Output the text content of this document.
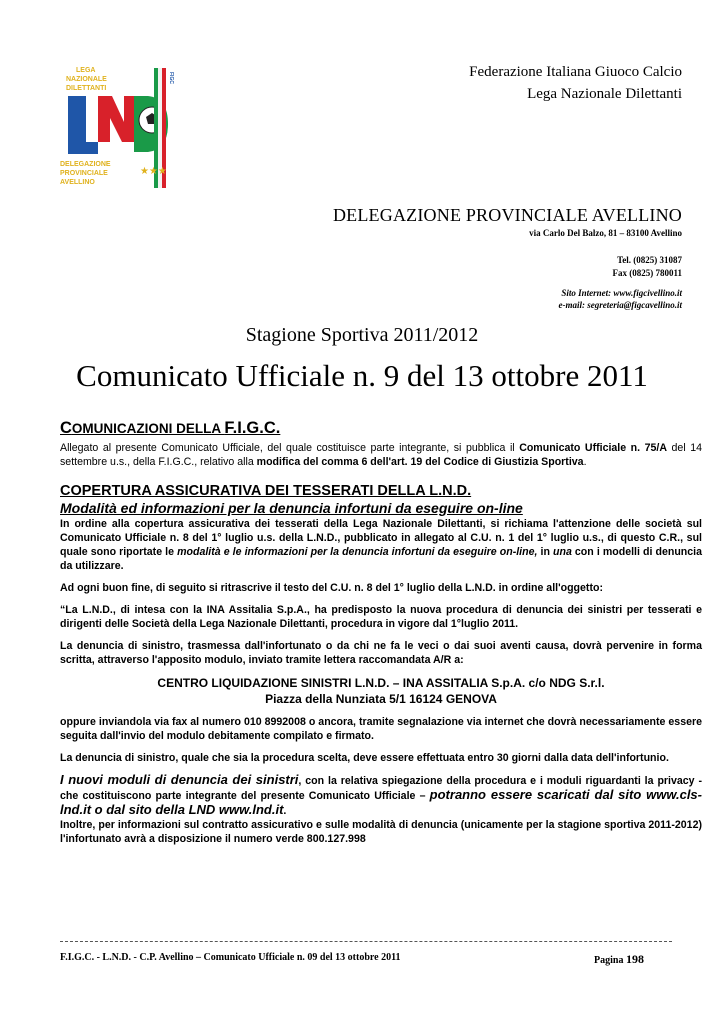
LEGA
NAZIONALE
DILETTANTI
FIGC
★★★
DELEGAZIONE
PROVINCIALE
AVELLINO
Federazione Italiana Giuoco Calcio
Lega Nazionale Dilettanti
DELEGAZIONE PROVINCIALE AVELLINO
via Carlo Del Balzo, 81 – 83100 Avellino
Tel. (0825) 31087
Fax (0825) 780011
Sito Internet: www.figcivellino.it
e-mail: segreteria@figcavellino.it
Stagione Sportiva 2011/2012
Comunicato Ufficiale n. 9 del 13 ottobre 2011
COMUNICAZIONI DELLA F.I.G.C.

Allegato al presente Comunicato Ufficiale, del quale costituisce parte integrante, si pubblica il Comunicato Ufficiale n. 75/A del 14 settembre u.s., della F.I.G.C., relativo alla modifica del comma 6 dell'art. 19 del Codice di Giustizia Sportiva.

COPERTURA ASSICURATIVA DEI TESSERATI DELLA L.N.D.
Modalità ed informazioni per la denuncia infortuni da eseguire on-line

In ordine alla copertura assicurativa dei tesserati della Lega Nazionale Dilettanti, si richiama l'attenzione delle società sul Comunicato Ufficiale n. 8 del 1° luglio u.s. della L.N.D., pubblicato in allegato al C.U. n. 1 del 1° luglio u.s., di questo C.R., sul quale sono riportate le modalità e le informazioni per la denuncia infortuni da eseguire on-line, in una con i modelli di denuncia da utilizzare.

Ad ogni buon fine, di seguito si ritrascrive il testo del C.U. n. 8 del 1° luglio della L.N.D. in ordine all'oggetto:

“La L.N.D., di intesa con la INA Assitalia S.p.A., ha predisposto la nuova procedura di denuncia dei sinistri per tesserati e dirigenti delle Società della Lega Nazionale Dilettanti, procedura in vigore dal 1°luglio 2011.

La denuncia di sinistro, trasmessa dall'infortunato o da chi ne fa le veci o dai suoi aventi causa, dovrà pervenire in forma scritta, attraverso l'apposito modulo, inviato tramite lettera raccomandata A/R a:

CENTRO LIQUIDAZIONE SINISTRI L.N.D. – INA ASSITALIA S.p.A. c/o NDG S.r.l.

Piazza della Nunziata 5/1 16124 GENOVA

oppure inviandola via fax al numero 010 8992008 o ancora, tramite segnalazione via internet che dovrà necessariamente essere seguita dall'invio del modulo debitamente compilato e firmato.

La denuncia di sinistro, quale che sia la procedura scelta, deve essere effettuata entro 30 giorni dalla data dell'infortunio.

I nuovi moduli di denuncia dei sinistri, con la relativa spiegazione della procedura e i moduli riguardanti la privacy - che costituiscono parte integrante del presente Comunicato Ufficiale – potranno essere scaricati dal sito www.cls-lnd.it o dal sito della LND www.lnd.it.

Inoltre, per informazioni sul contratto assicurativo e sulle modalità di denuncia (unicamente per la stagione sportiva 2011-2012) l'infortunato avrà a disposizione il numero verde 800.127.998

F.I.G.C. - L.N.D. - C.P. Avellino – Comunicato Ufficiale n. 09 del 13 ottobre 2011	Pagina 198
